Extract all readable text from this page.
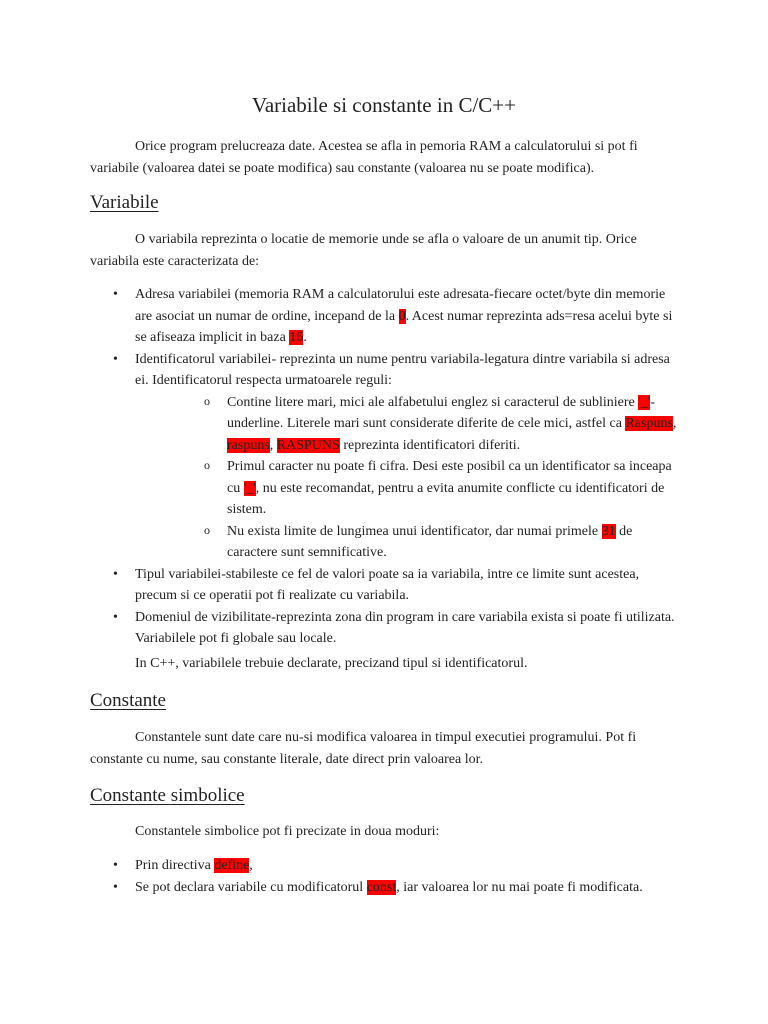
Variabile si constante in C/C++

Orice program prelucreaza date. Acestea se afla in pemoria RAM a calculatorului si pot fi variabile (valoarea datei se poate modifica) sau constante (valoarea nu se poate modifica).

Variabile

O variabila reprezinta o locatie de memorie unde se afla o valoare de un anumit tip. Orice variabila este caracterizata de:

• Adresa variabilei (memoria RAM a calculatorului este adresata-fiecare octet/byte din memorie are asociat un numar de ordine, incepand de la 0. Acest numar reprezinta ads=resa acelui byte si se afiseaza implicit in baza 16.
• Identificatorul variabilei- reprezinta un nume pentru variabila-legatura dintre variabila si adresa ei. Identificatorul respecta urmatoarele reguli:
o Contine litere mari, mici ale alfabetului englez si caracterul de subliniere '_'- underline. Literele mari sunt considerate diferite de cele mici, astfel ca Raspuns, raspuns, RASPUNS reprezinta identificatori diferiti.
o Primul caracter nu poate fi cifra. Desi este posibil ca un identificator sa inceapa cu '_', nu este recomandat, pentru a evita anumite conflicte cu identificatori de sistem.
o Nu exista limite de lungimea unui identificator, dar numai primele 31 de caractere sunt semnificative.
• Tipul variabilei-stabileste ce fel de valori poate sa ia variabila, intre ce limite sunt acestea, precum si ce operatii pot fi realizate cu variabila.
• Domeniul de vizibilitate-reprezinta zona din program in care variabila exista si poate fi utilizata. Variabilele pot fi globale sau locale.

In C++, variabilele trebuie declarate, precizand tipul si identificatorul.

Constante

Constantele sunt date care nu-si modifica valoarea in timpul executiei programului. Pot fi constante cu nume, sau constante literale, date direct prin valoarea lor.

Constante simbolice

Constantele simbolice pot fi precizate in doua moduri:

• Prin directiva define,
• Se pot declara variabile cu modificatorul const, iar valoarea lor nu mai poate fi modificata.
